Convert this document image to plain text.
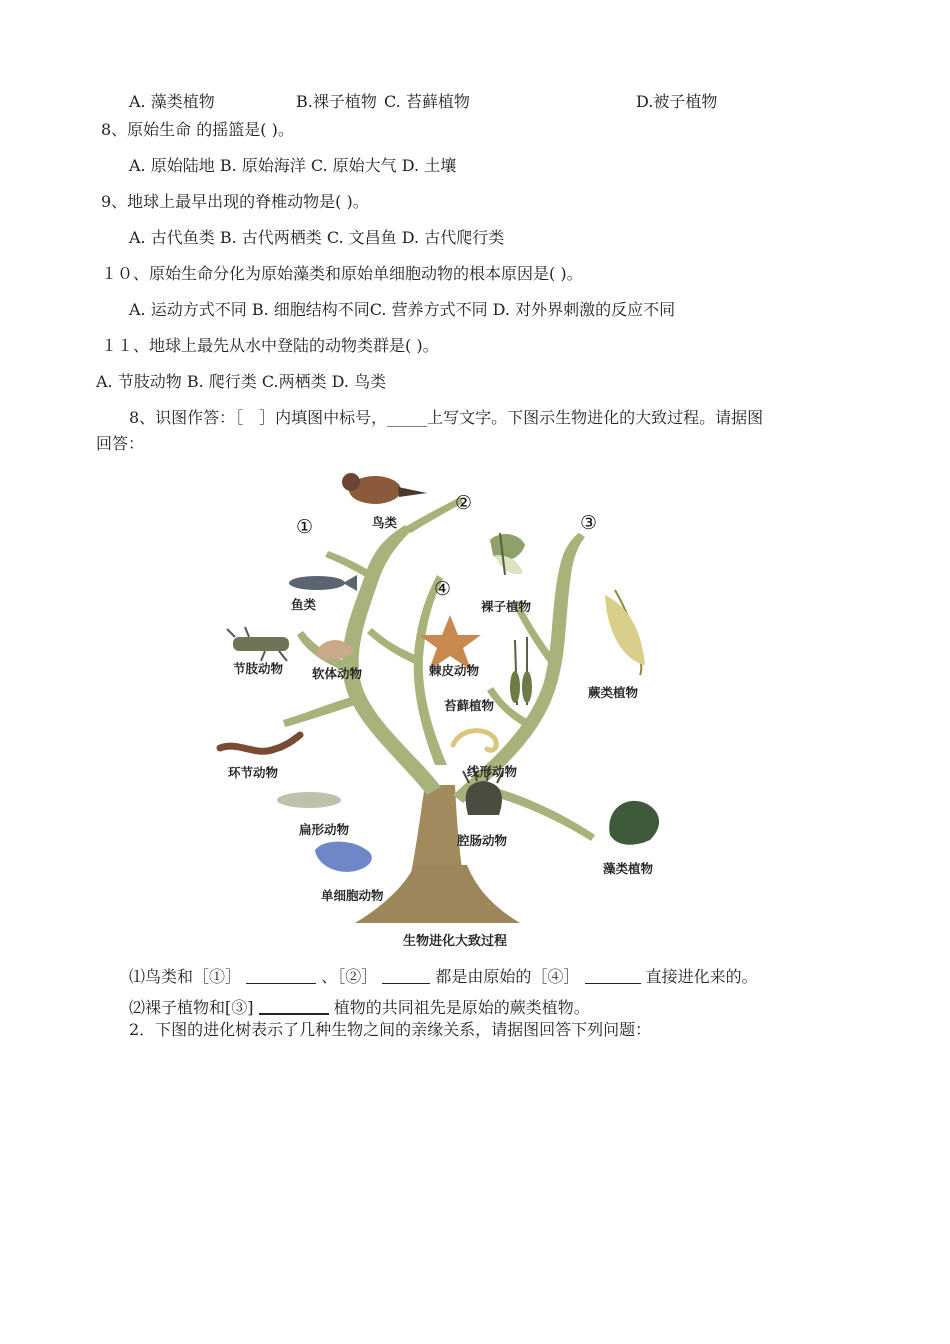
A. 藻类植物	B.裸子植物 C. 苔藓植物	D.被子植物
8、原始生命 的摇篮是( )。
A. 原始陆地 B. 原始海洋 C. 原始大气 D. 土壤
9、地球上最早出现的脊椎动物是( )。
A. 古代鱼类 B. 古代两栖类 C. 文昌鱼 D. 古代爬行类
１０、原始生命分化为原始藻类和原始单细胞动物的根本原因是( )。
A. 运动方式不同 B. 细胞结构不同C. 营养方式不同 D. 对外界刺激的反应不同
１１、地球上最先从水中登陆的动物类群是( )。
A. 节肢动物 B. 爬行类 C.两栖类 D. 鸟类
8、识图作答：［　］内填图中标号，_____上写文字。下图示生物进化的大致过程。请据图
回答：
①
②
③
④
鸟类
鱼类	裸子植物
节肢动物 软体动物	棘皮动物
苔藓植物
蕨类植物
环节动物	线形动物
扁形动物
腔肠动物
单细胞动物
藻类植物
生物进化大致过程
⑴鸟类和［①］	、［②］	都是由原始的［④］	直接进化来的。
⑵裸子植物和[③]	植物的共同祖先是原始的蕨类植物。
2．下图的进化树表示了几种生物之间的亲缘关系，请据图回答下列问题：
